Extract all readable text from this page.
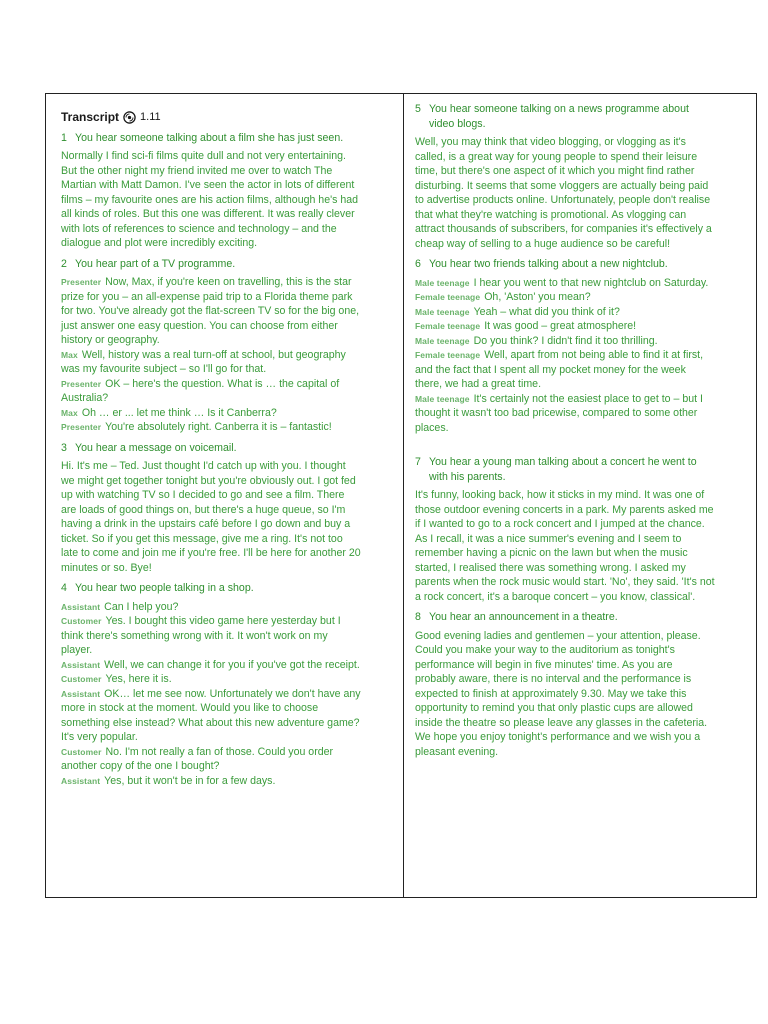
Transcript 1.11
1 You hear someone talking about a film she has just seen.

Normally I find sci-fi films quite dull and not very entertaining. But the other night my friend invited me over to watch The Martian with Matt Damon. I've seen the actor in lots of different films – my favourite ones are his action films, although he's had all kinds of roles. But this one was different. It was really clever with lots of references to science and technology – and the dialogue and plot were incredibly exciting.

2 You hear part of a TV programme.

Presenter Now, Max, if you're keen on travelling, this is the star prize for you – an all-expense paid trip to a Florida theme park for two. You've already got the flat-screen TV so for the big one, just answer one easy question. You can choose from either history or geography.

Max Well, history was a real turn-off at school, but geography was my favourite subject – so I'll go for that.

Presenter OK – here's the question. What is … the capital of Australia?

Max Oh … er ... let me think … Is it Canberra?

Presenter You're absolutely right. Canberra it is – fantastic!

3 You hear a message on voicemail.

Hi. It's me – Ted. Just thought I'd catch up with you. I thought we might get together tonight but you're obviously out. I got fed up with watching TV so I decided to go and see a film. There are loads of good things on, but there's a huge queue, so I'm having a drink in the upstairs café before I go down and buy a ticket. So if you get this message, give me a ring. It's not too late to come and join me if you're free. I'll be here for another 20 minutes or so. Bye!

4 You hear two people talking in a shop.

Assistant Can I help you?

Customer Yes. I bought this video game here yesterday but I think there's something wrong with it. It won't work on my player.

Assistant Well, we can change it for you if you've got the receipt.

Customer Yes, here it is.

Assistant OK… let me see now. Unfortunately we don't have any more in stock at the moment. Would you like to choose something else instead? What about this new adventure game? It's very popular.

Customer No. I'm not really a fan of those. Could you order another copy of the one I bought?

Assistant Yes, but it won't be in for a few days.

5 You hear someone talking on a news programme about video blogs.

Well, you may think that video blogging, or vlogging as it's called, is a great way for young people to spend their leisure time, but there's one aspect of it which you might find rather disturbing. It seems that some vloggers are actually being paid to advertise products online. Unfortunately, people don't realise that what they're watching is promotional. As vlogging can attract thousands of subscribers, for companies it's effectively a cheap way of selling to a huge audience so be careful!

6 You hear two friends talking about a new nightclub.

Male teenage I hear you went to that new nightclub on Saturday.

Female teenage Oh, 'Aston' you mean?

Male teenage Yeah – what did you think of it?

Female teenage It was good – great atmosphere!

Male teenage Do you think? I didn't find it too thrilling.

Female teenage Well, apart from not being able to find it at first, and the fact that I spent all my pocket money for the week there, we had a great time.

Male teenage It's certainly not the easiest place to get to – but I thought it wasn't too bad pricewise, compared to some other places.

7 You hear a young man talking about a concert he went to with his parents.

It's funny, looking back, how it sticks in my mind. It was one of those outdoor evening concerts in a park. My parents asked me if I wanted to go to a rock concert and I jumped at the chance. As I recall, it was a nice summer's evening and I seem to remember having a picnic on the lawn but when the music started, I realised there was something wrong. I asked my parents when the rock music would start. 'No', they said. 'It's not a rock concert, it's a baroque concert – you know, classical'.

8 You hear an announcement in a theatre.

Good evening ladies and gentlemen – your attention, please. Could you make your way to the auditorium as tonight's performance will begin in five minutes' time. As you are probably aware, there is no interval and the performance is expected to finish at approximately 9.30. May we take this opportunity to remind you that only plastic cups are allowed inside the theatre so please leave any glasses in the cafeteria. We hope you enjoy tonight's performance and we wish you a pleasant evening.
